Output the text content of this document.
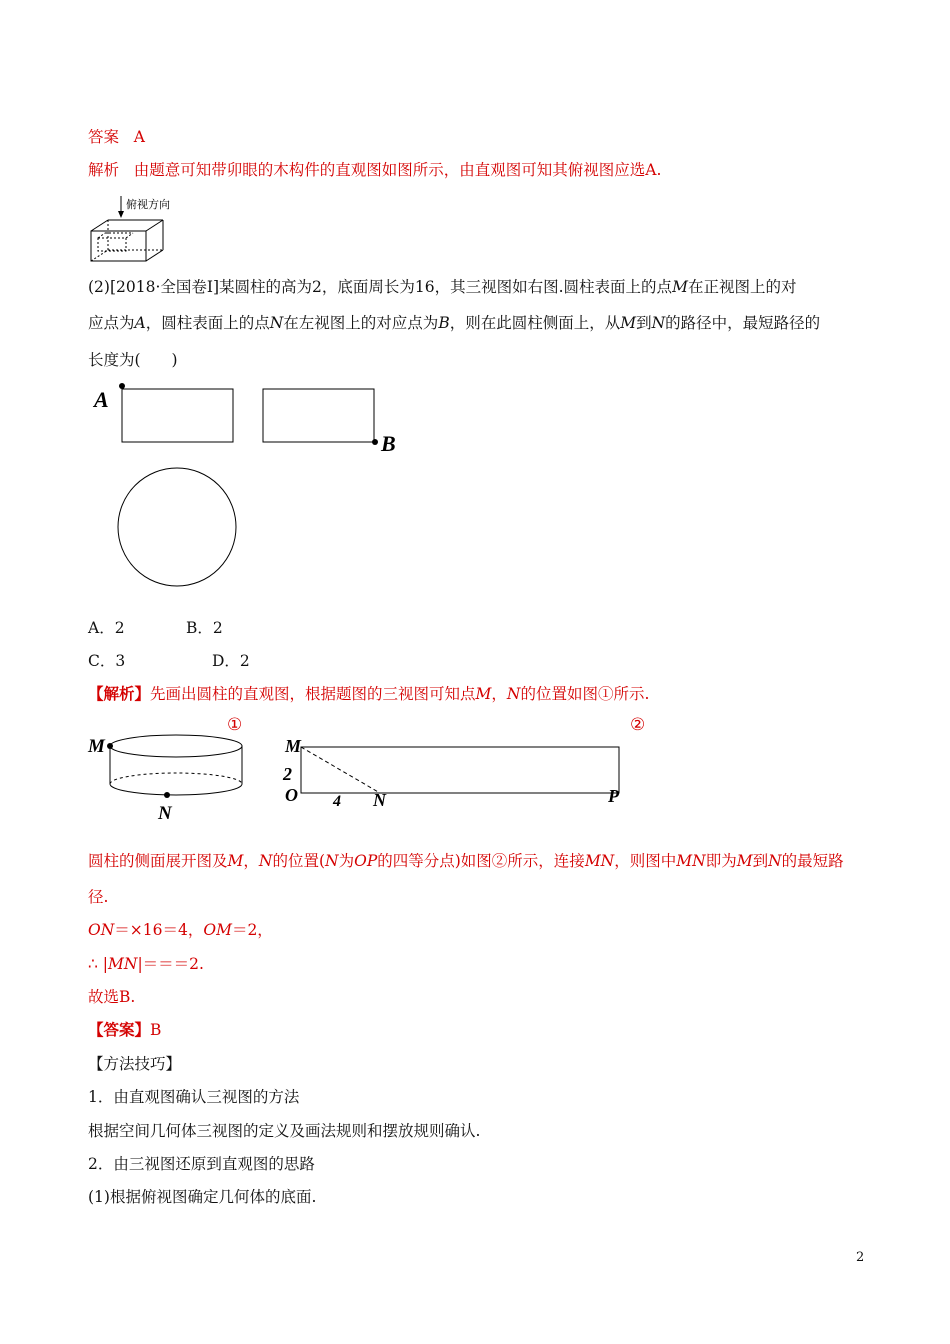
答案 A
解析 由题意可知带卯眼的木构件的直观图如图所示，由直观图可知其俯视图应选A.
俯视方向
(2)[2018·全国卷Ⅰ]某圆柱的高为2，底面周长为16，其三视图如右图.圆柱表面上的点M在正视图上的对
应点为A，圆柱表面上的点N在左视图上的对应点为B，则在此圆柱侧面上，从M到N的路径中，最短路径的
长度为(　　)
A
B
A．2	B．2
C．3	D．2
【解析】先画出圆柱的直观图，根据题图的三视图可知点M，N的位置如图①所示.
①
M
N
②
M
2
O 4 N	P
圆柱的侧面展开图及M，N的位置(N为OP的四等分点)如图②所示，连接MN，则图中MN即为M到N的最短路
径.
ON＝×16＝4，OM＝2，
∴ |MN|＝＝＝2.
故选B.
【答案】B
【方法技巧】
1．由直观图确认三视图的方法
根据空间几何体三视图的定义及画法规则和摆放规则确认.
2．由三视图还原到直观图的思路
(1)根据俯视图确定几何体的底面.
2
